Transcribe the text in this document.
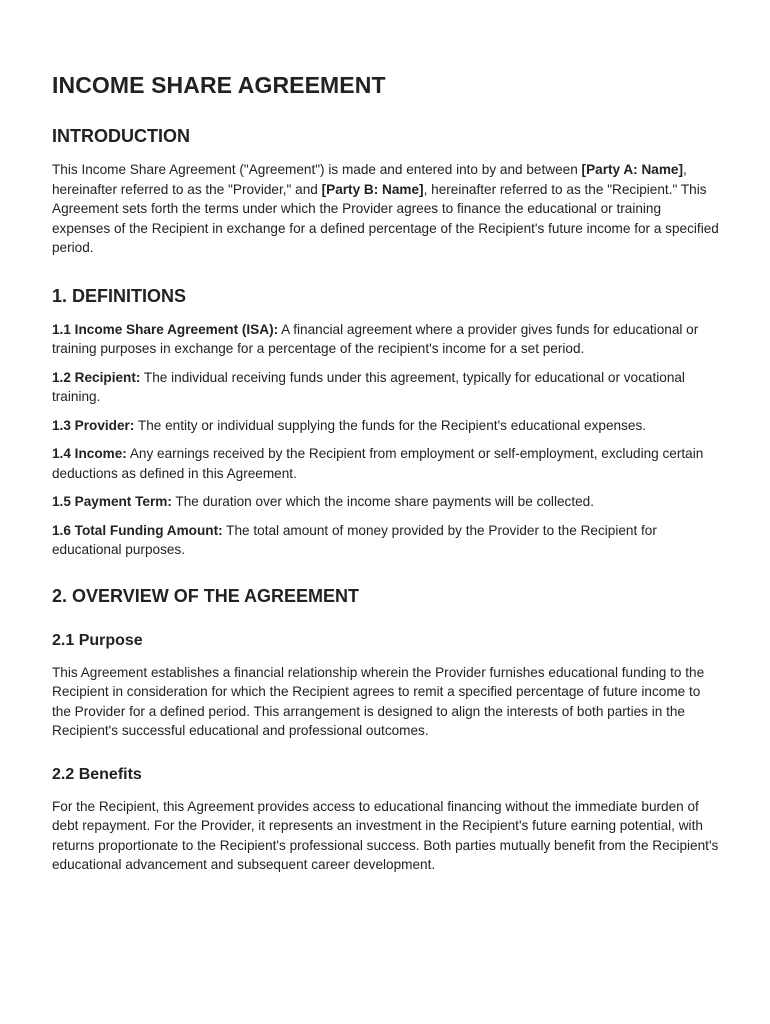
INCOME SHARE AGREEMENT
INTRODUCTION

This Income Share Agreement ("Agreement") is made and entered into by and between [Party A: Name], hereinafter referred to as the "Provider," and [Party B: Name], hereinafter referred to as the "Recipient." This Agreement sets forth the terms under which the Provider agrees to finance the educational or training expenses of the Recipient in exchange for a defined percentage of the Recipient's future income for a specified period.

1. DEFINITIONS

1.1 Income Share Agreement (ISA): A financial agreement where a provider gives funds for educational or training purposes in exchange for a percentage of the recipient's income for a set period.

1.2 Recipient: The individual receiving funds under this agreement, typically for educational or vocational training.

1.3 Provider: The entity or individual supplying the funds for the Recipient's educational expenses.

1.4 Income: Any earnings received by the Recipient from employment or self-employment, excluding certain deductions as defined in this Agreement.

1.5 Payment Term: The duration over which the income share payments will be collected.

1.6 Total Funding Amount: The total amount of money provided by the Provider to the Recipient for educational purposes.

2. OVERVIEW OF THE AGREEMENT
2.1 Purpose

This Agreement establishes a financial relationship wherein the Provider furnishes educational funding to the Recipient in consideration for which the Recipient agrees to remit a specified percentage of future income to the Provider for a defined period. This arrangement is designed to align the interests of both parties in the Recipient's successful educational and professional outcomes.

2.2 Benefits

For the Recipient, this Agreement provides access to educational financing without the immediate burden of debt repayment. For the Provider, it represents an investment in the Recipient's future earning potential, with returns proportionate to the Recipient's professional success. Both parties mutually benefit from the Recipient's educational advancement and subsequent career development.
